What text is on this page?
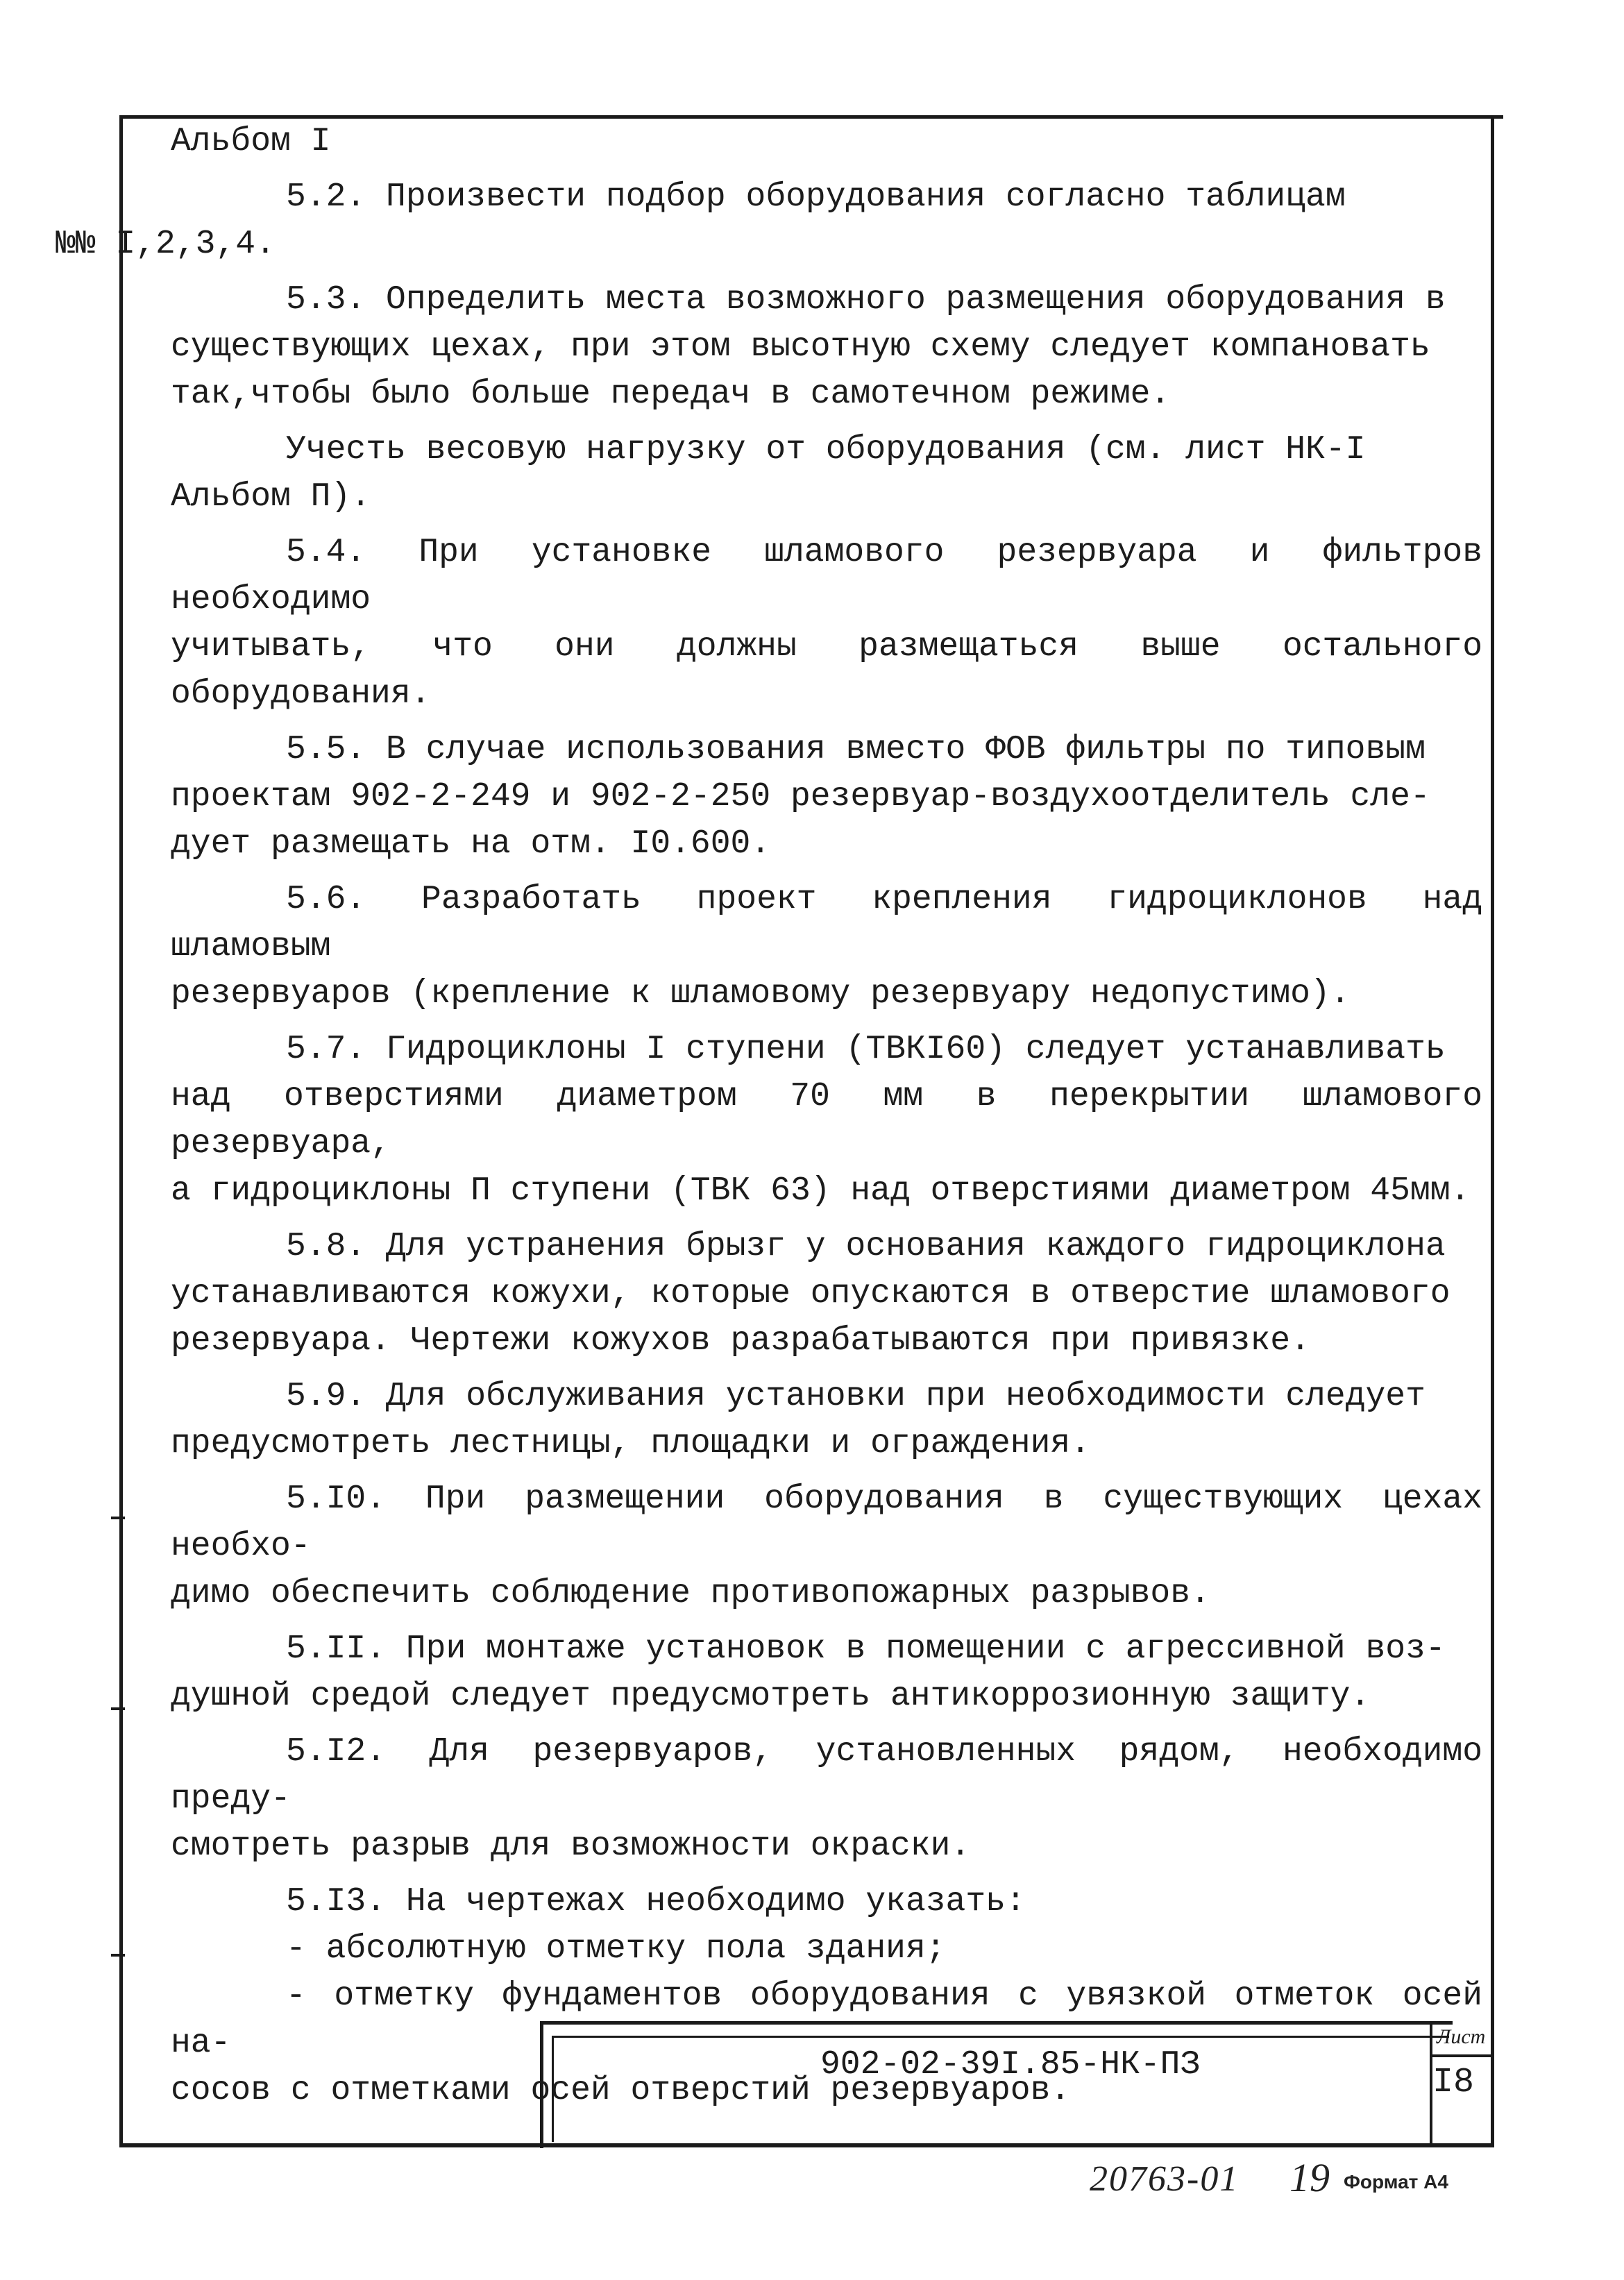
Альбом I

5.2. Произвести подбор оборудования согласно таблицам
№№ I,2,3,4.

5.3. Определить места возможного размещения оборудования в

существующих цехах, при этом высотную схему следует компановать

так,чтобы было больше передач в самотечном режиме.

Учесть весовую нагрузку от оборудования (см. лист НК-I

Альбом П).

5.4. При установке шламового резервуара и фильтров необходимо

учитывать, что они должны размещаться выше остального оборудования.

5.5. В случае использования вместо ФОВ фильтры по типовым

проектам 902-2-249 и 902-2-250 резервуар-воздухоотделитель сле-

дует размещать на отм. I0.600.

5.6. Разработать проект крепления гидроциклонов над шламовым

резервуаров (крепление к шламовому резервуару недопустимо).

5.7. Гидроциклоны I ступени (ТВКI60) следует устанавливать

над отверстиями диаметром 70 мм в перекрытии шламового резервуара,

а гидроциклоны П ступени (ТВК 63) над отверстиями диаметром 45мм.

5.8. Для устранения брызг у основания каждого гидроциклона

устанавливаются кожухи, которые опускаются в отверстие шламового

резервуара. Чертежи кожухов разрабатываются при привязке.

5.9. Для обслуживания установки при необходимости следует

предусмотреть лестницы, площадки и ограждения.

5.I0. При размещении оборудования в существующих цехах необхо-

димо обеспечить соблюдение противопожарных разрывов.

5.II. При монтаже установок в помещении с агрессивной воз-

душной средой следует предусмотреть антикоррозионную защиту.

5.I2. Для резервуаров, установленных рядом, необходимо преду-

смотреть разрыв для возможности окраски.

5.I3. На чертежах необходимо указать:

- абсолютную отметку пола здания;

- отметку фундаментов оборудования с увязкой отметок осей на-

сосов с отметками осей отверстий резервуаров.

902-02-39I.85-НК-ПЗ
Лист
I8
20763-01 19 Формат А4
